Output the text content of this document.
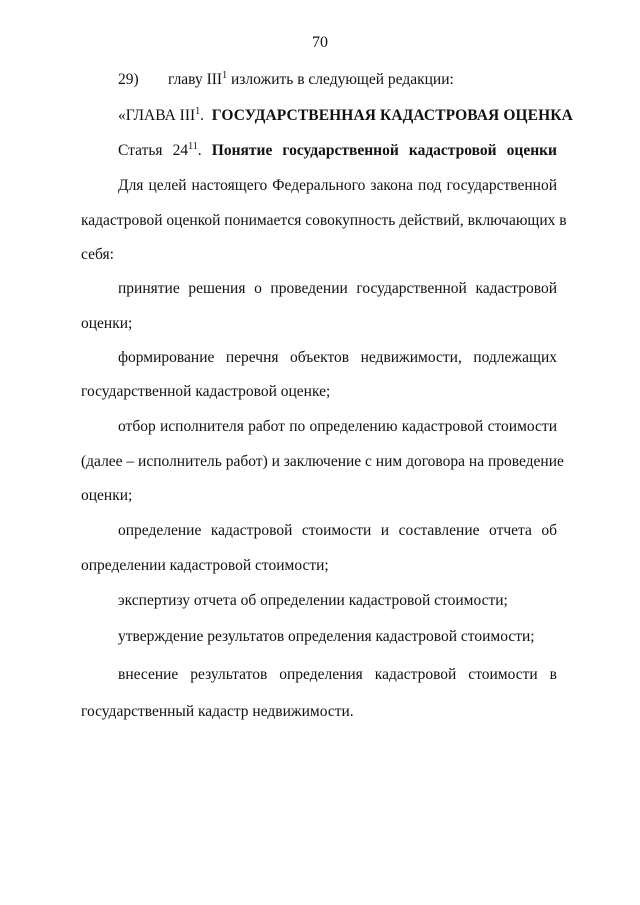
70
29) главу III$^1$ изложить в следующей редакции:
«ГЛАВА III$^1$. ГОСУДАРСТВЕННАЯ КАДАСТРОВАЯ ОЦЕНКА
Статья $24^{11}$. Понятие государственной кадастровой оценки
Для целей настоящего Федерального закона под государственной
кадастровой оценкой понимается совокупность действий, включающих в
себя:
принятие решения о проведении государственной кадастровой
оценки;
формирование перечня объектов недвижимости, подлежащих
государственной кадастровой оценке;
отбор исполнителя работ по определению кадастровой стоимости
(далее – исполнитель работ) и заключение с ним договора на проведение
оценки;
определение кадастровой стоимости и составление отчета об
определении кадастровой стоимости;
экспертизу отчета об определении кадастровой стоимости;
утверждение результатов определения кадастровой стоимости;
внесение результатов определения кадастровой стоимости в
государственный кадастр недвижимости.
